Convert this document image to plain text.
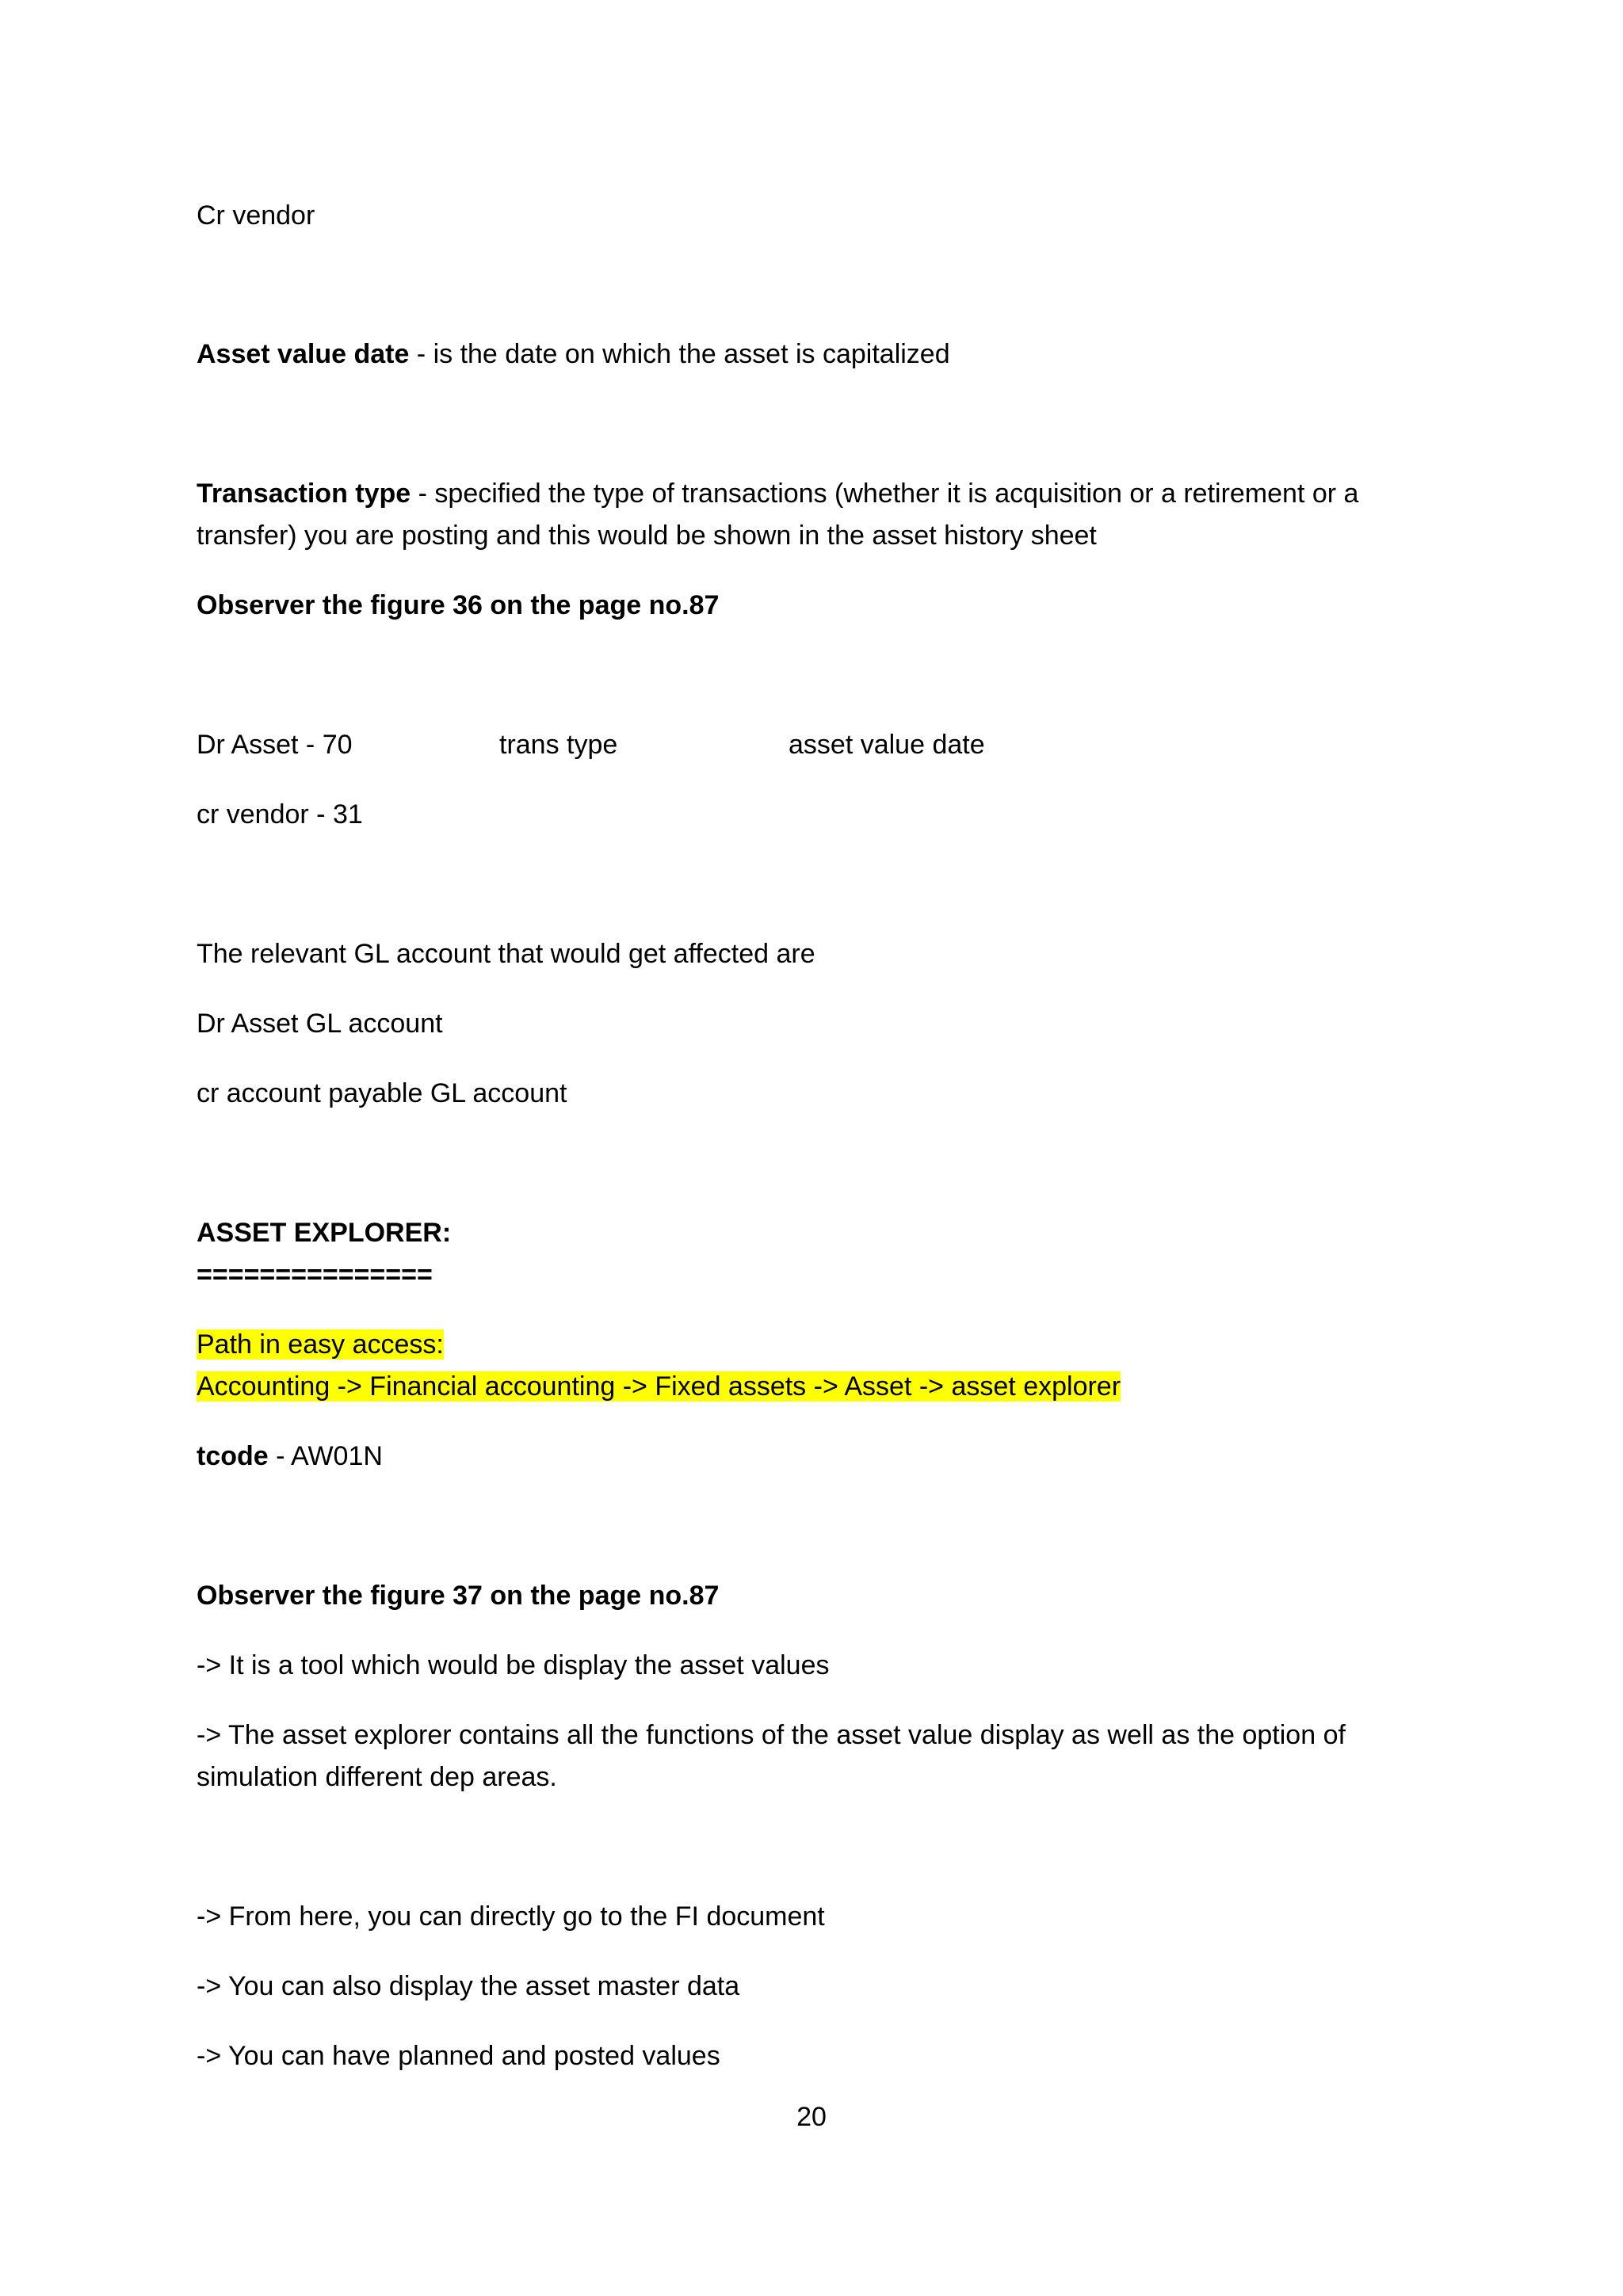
Cr vendor
Asset value date - is the date on which the asset is capitalized
Transaction type - specified the type of transactions (whether it is acquisition or a retirement or a
transfer) you are posting and this would be shown in the asset history sheet
Observer the figure 36 on the page no.87
Dr Asset - 70	trans type	asset value date
cr vendor - 31
The relevant GL account that would get affected are
Dr Asset GL account
cr account payable GL account
ASSET EXPLORER:
===============
Path in easy access:
Accounting -> Financial accounting -> Fixed assets -> Asset -> asset explorer
tcode - AW01N
Observer the figure 37 on the page no.87
-> It is a tool which would be display the asset values
-> The asset explorer contains all the functions of the asset value display as well as the option of
simulation different dep areas.
-> From here, you can directly go to the FI document
-> You can also display the asset master data
-> You can have planned and posted values
20
